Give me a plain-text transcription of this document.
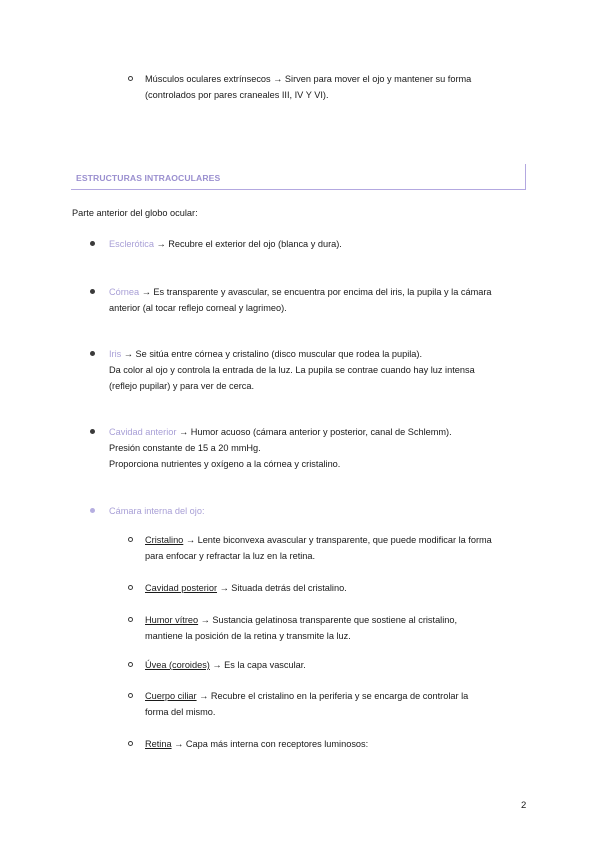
Músculos oculares extrínsecos → Sirven para mover el ojo y mantener su forma
(controlados por pares craneales III, IV Y VI).
ESTRUCTURAS INTRAOCULARES
Parte anterior del globo ocular:
Esclerótica → Recubre el exterior del ojo (blanca y dura).
Córnea → Es transparente y avascular, se encuentra por encima del iris, la pupila y la cámara
anterior (al tocar reflejo corneal y lagrimeo).
Iris → Se sitúa entre córnea y cristalino (disco muscular que rodea la pupila).
Da color al ojo y controla la entrada de la luz. La pupila se contrae cuando hay luz intensa
(reflejo pupilar) y para ver de cerca.
Cavidad anterior → Humor acuoso (cámara anterior y posterior, canal de Schlemm).
Presión constante de 15 a 20 mmHg.
Proporciona nutrientes y oxígeno a la córnea y cristalino.
Cámara interna del ojo:
Cristalino → Lente biconvexa avascular y transparente, que puede modificar la forma
para enfocar y refractar la luz en la retina.
Cavidad posterior → Situada detrás del cristalino.
Humor vítreo → Sustancia gelatinosa transparente que sostiene al cristalino,
mantiene la posición de la retina y transmite la luz.
Úvea (coroides) → Es la capa vascular.
Cuerpo ciliar → Recubre el cristalino en la periferia y se encarga de controlar la
forma del mismo.
Retina → Capa más interna con receptores luminosos:
2
